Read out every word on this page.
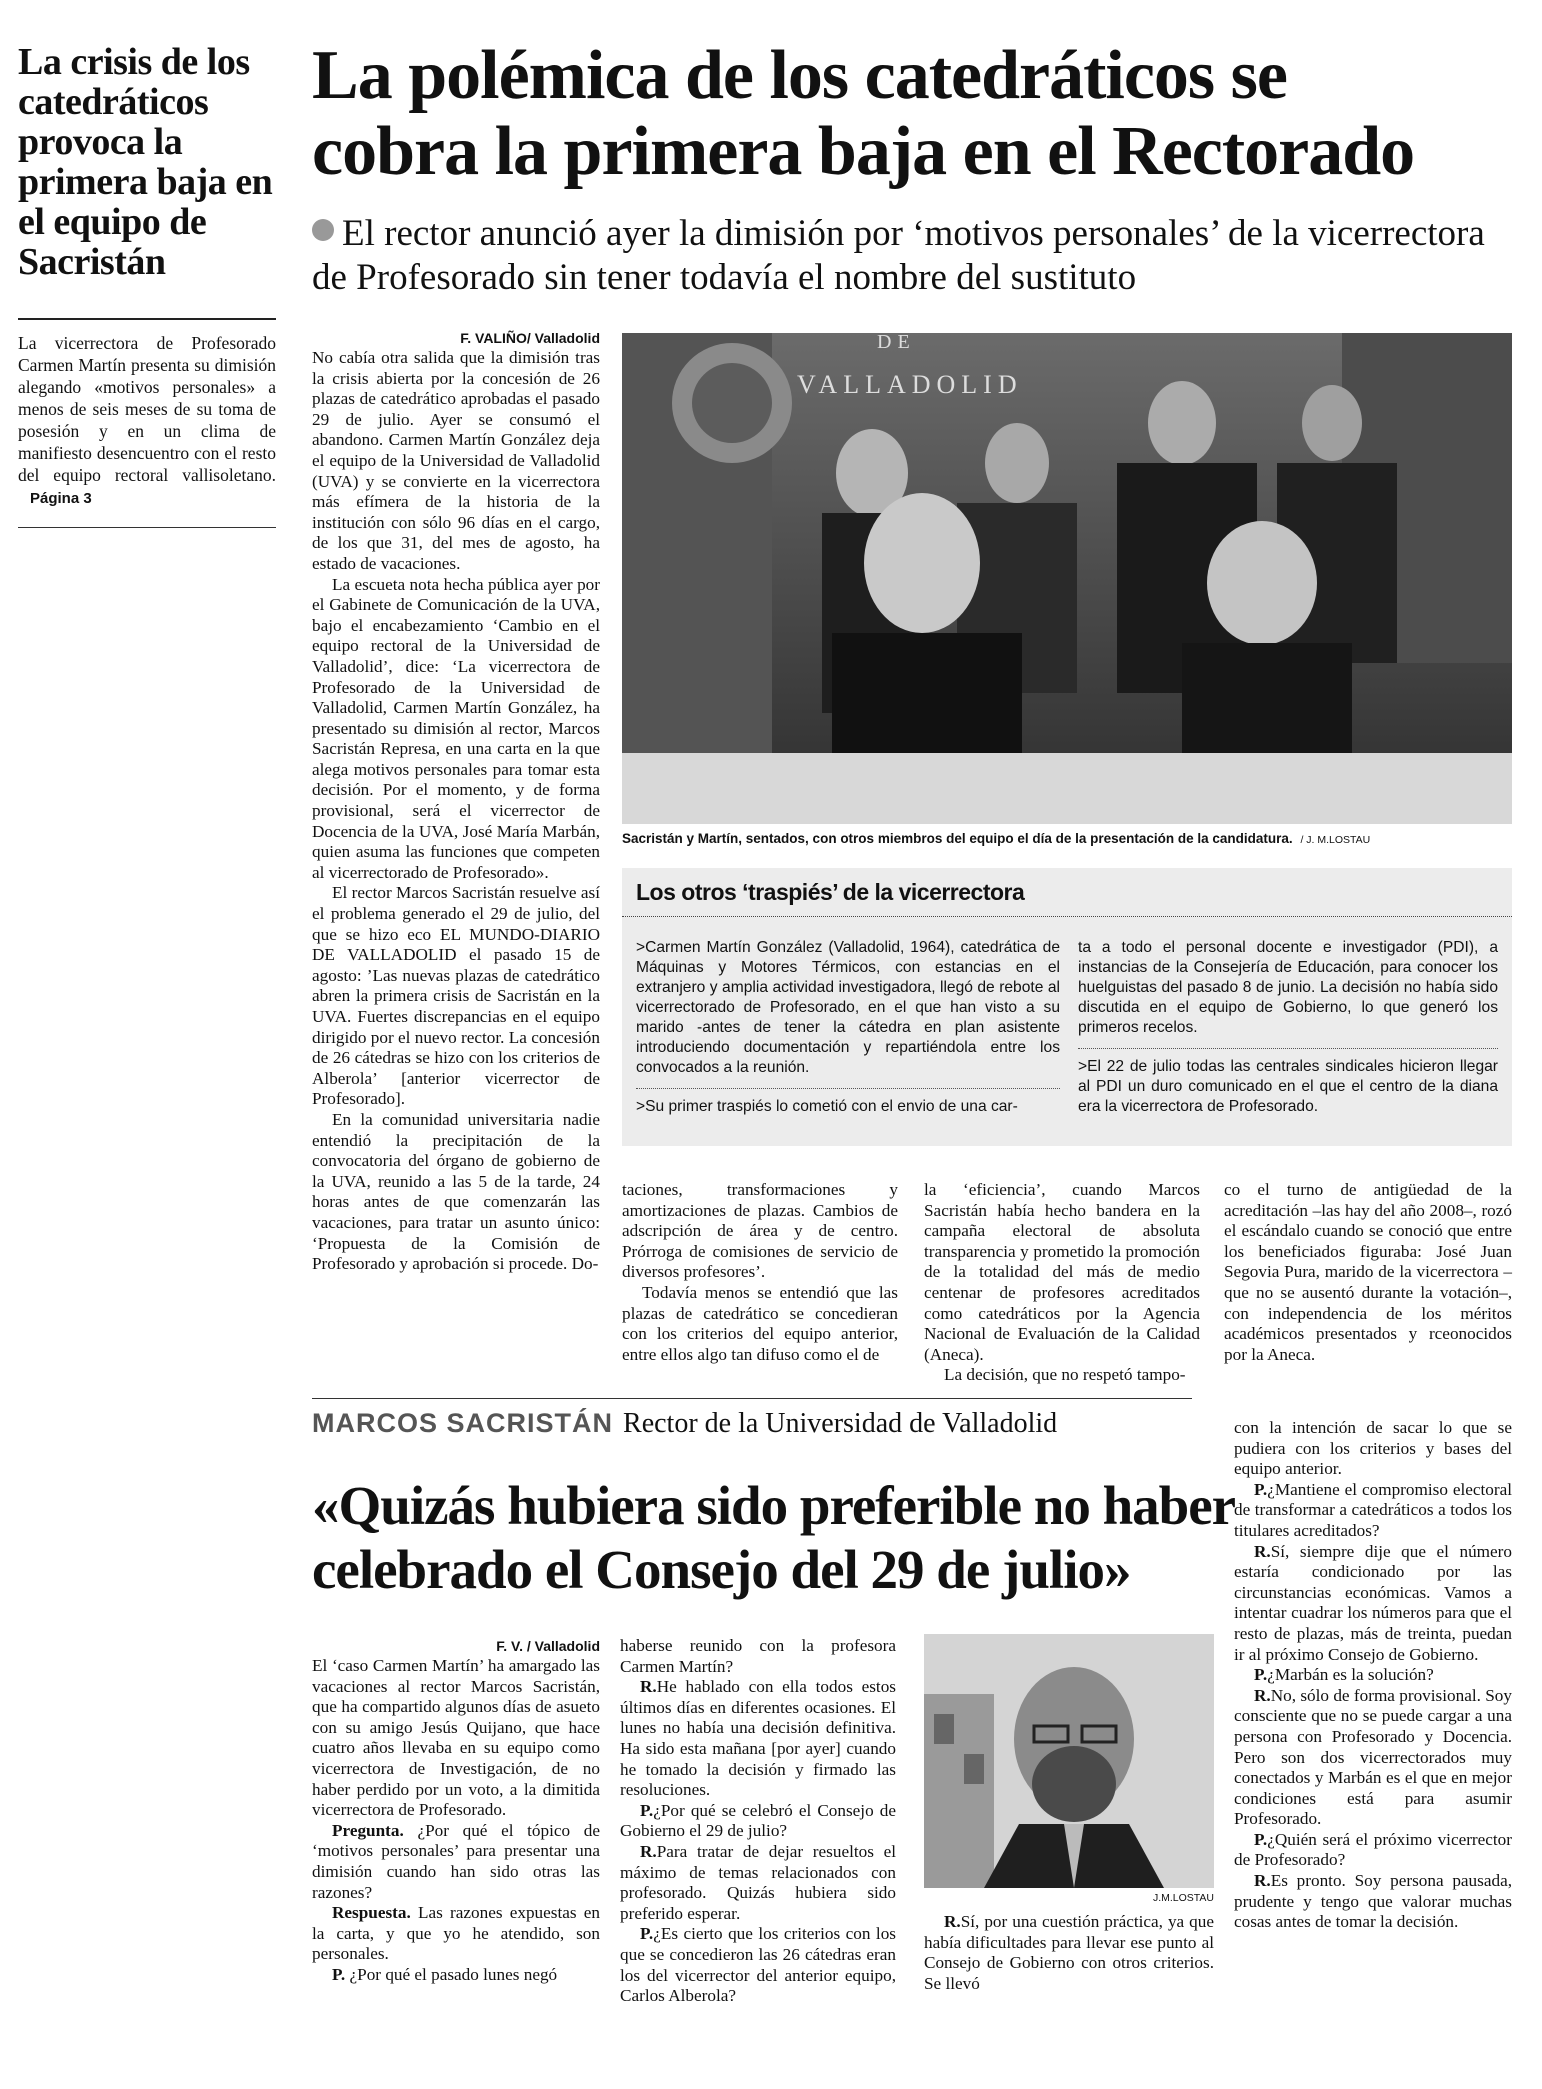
La crisis de los catedráticos provoca la primera baja en el equipo de Sacristán
La vicerrectora de Profesorado Carmen Martín presenta su dimisión alegando «motivos personales» a menos de seis meses de su toma de posesión y en un clima de manifiesto desencuentro con el resto del equipo rectoral vallisoletano. Página 3
La polémica de los catedráticos se
cobra la primera baja en el Rectorado
El rector anunció ayer la dimisión por ‘motivos personales’ de la vicerrectora de Profesorado sin tener todavía el nombre del sustituto
F. VALIÑO/ Valladolid

No cabía otra salida que la dimisión tras la crisis abierta por la concesión de 26 plazas de catedrático aprobadas el pasado 29 de julio. Ayer se consumó el abandono. Carmen Martín González deja el equipo de la Universidad de Valladolid (UVA) y se convierte en la vicerrectora más efímera de la historia de la institución con sólo 96 días en el cargo, de los que 31, del mes de agosto, ha estado de vacaciones.

La escueta nota hecha pública ayer por el Gabinete de Comunicación de la UVA, bajo el encabezamiento ‘Cambio en el equipo rectoral de la Universidad de Valladolid’, dice: ‘La vicerrectora de Profesorado de la Universidad de Valladolid, Carmen Martín González, ha presentado su dimisión al rector, Marcos Sacristán Represa, en una carta en la que alega motivos personales para tomar esta decisión. Por el momento, y de forma provisional, será el vicerrector de Docencia de la UVA, José María Marbán, quien asuma las funciones que competen al vicerrectorado de Profesorado».

El rector Marcos Sacristán resuelve así el problema generado el 29 de julio, del que se hizo eco EL MUNDO-DIARIO DE VALLADOLID el pasado 15 de agosto: ’Las nuevas plazas de catedrático abren la primera crisis de Sacristán en la UVA. Fuertes discrepancias en el equipo dirigido por el nuevo rector. La concesión de 26 cátedras se hizo con los criterios de Alberola’ [anterior vicerrector de Profesorado].

En la comunidad universitaria nadie entendió la precipitación de la convocatoria del órgano de gobierno de la UVA, reunido a las 5 de la tarde, 24 horas antes de que comenzarán las vacaciones, para tratar un asunto único: ‘Propuesta de la Comisión de Profesorado y aprobación si procede. Do-

VALLADOLID
DE
Sacristán y Martín, sentados, con otros miembros del equipo el día de la presentación de la candidatura. / J. M.LOSTAU
Los otros ‘traspiés’ de la vicerrectora

>Carmen Martín González (Valladolid, 1964), catedrática de Máquinas y Motores Térmicos, con estancias en el extranjero y amplia actividad investigadora, llegó de rebote al vicerrectorado de Profesorado, en el que han visto a su marido -antes de tener la cátedra en plan asistente introduciendo documentación y repartiéndola entre los convocados a la reunión.

>Su primer traspiés lo cometió con el envio de una car-

ta a todo el personal docente e investigador (PDI), a instancias de la Consejería de Educación, para conocer los huelguistas del pasado 8 de junio. La decisión no había sido discutida en el equipo de Gobierno, lo que generó los primeros recelos.

>El 22 de julio todas las centrales sindicales hicieron llegar al PDI un duro comunicado en el que el centro de la diana era la vicerrectora de Profesorado.

taciones, transformaciones y amortizaciones de plazas. Cambios de adscripción de área y de centro. Prórroga de comisiones de servicio de diversos profesores’.

Todavía menos se entendió que las plazas de catedrático se concedieran con los criterios del equipo anterior, entre ellos algo tan difuso como el de

la ‘eficiencia’, cuando Marcos Sacristán había hecho bandera en la campaña electoral de absoluta transparencia y prometido la promoción de la totalidad del más de medio centenar de profesores acreditados como catedráticos por la Agencia Nacional de Evaluación de la Calidad (Aneca).

La decisión, que no respetó tampo-

co el turno de antigüedad de la acreditación –las hay del año 2008–, rozó el escándalo cuando se conoció que entre los beneficiados figuraba: José Juan Segovia Pura, marido de la vicerrectora –que no se ausentó durante la votación–, con independencia de los méritos académicos presentados y rceonocidos por la Aneca.

MARCOS SACRISTÁN Rector de la Universidad de Valladolid
«Quizás hubiera sido preferible no haber
celebrado el Consejo del 29 de julio»
F. V. / Valladolid

El ‘caso Carmen Martín’ ha amargado las vacaciones al rector Marcos Sacristán, que ha compartido algunos días de asueto con su amigo Jesús Quijano, que hace cuatro años llevaba en su equipo como vicerrectora de Investigación, de no haber perdido por un voto, a la dimitida vicerrectora de Profesorado.

Pregunta. ¿Por qué el tópico de ‘motivos personales’ para presentar una dimisión cuando han sido otras las razones?

Respuesta. Las razones expuestas en la carta, y que yo he atendido, son personales.

P. ¿Por qué el pasado lunes negó

haberse reunido con la profesora Carmen Martín?

R.He hablado con ella todos estos últimos días en diferentes ocasiones. El lunes no había una decisión definitiva. Ha sido esta mañana [por ayer] cuando he tomado la decisión y firmado las resoluciones.

P.¿Por qué se celebró el Consejo de Gobierno el 29 de julio?

R.Para tratar de dejar resueltos el máximo de temas relacionados con profesorado. Quizás hubiera sido preferido esperar.

P.¿Es cierto que los criterios con los que se concedieron las 26 cátedras eran los del vicerrector del anterior equipo, Carlos Alberola?

J.M.LOSTAU

R.Sí, por una cuestión práctica, ya que había dificultades para llevar ese punto al Consejo de Gobierno con otros criterios. Se llevó

con la intención de sacar lo que se pudiera con los criterios y bases del equipo anterior.

P.¿Mantiene el compromiso electoral de transformar a catedráticos a todos los titulares acreditados?

R.Sí, siempre dije que el número estaría condicionado por las circunstancias económicas. Vamos a intentar cuadrar los números para que el resto de plazas, más de treinta, puedan ir al próximo Consejo de Gobierno.

P.¿Marbán es la solución?

R.No, sólo de forma provisional. Soy consciente que no se puede cargar a una persona con Profesorado y Docencia. Pero son dos vicerrectorados muy conectados y Marbán es el que en mejor condiciones está para asumir Profesorado.

P.¿Quién será el próximo vicerrector de Profesorado?

R.Es pronto. Soy persona pausada, prudente y tengo que valorar muchas cosas antes de tomar la decisión.
